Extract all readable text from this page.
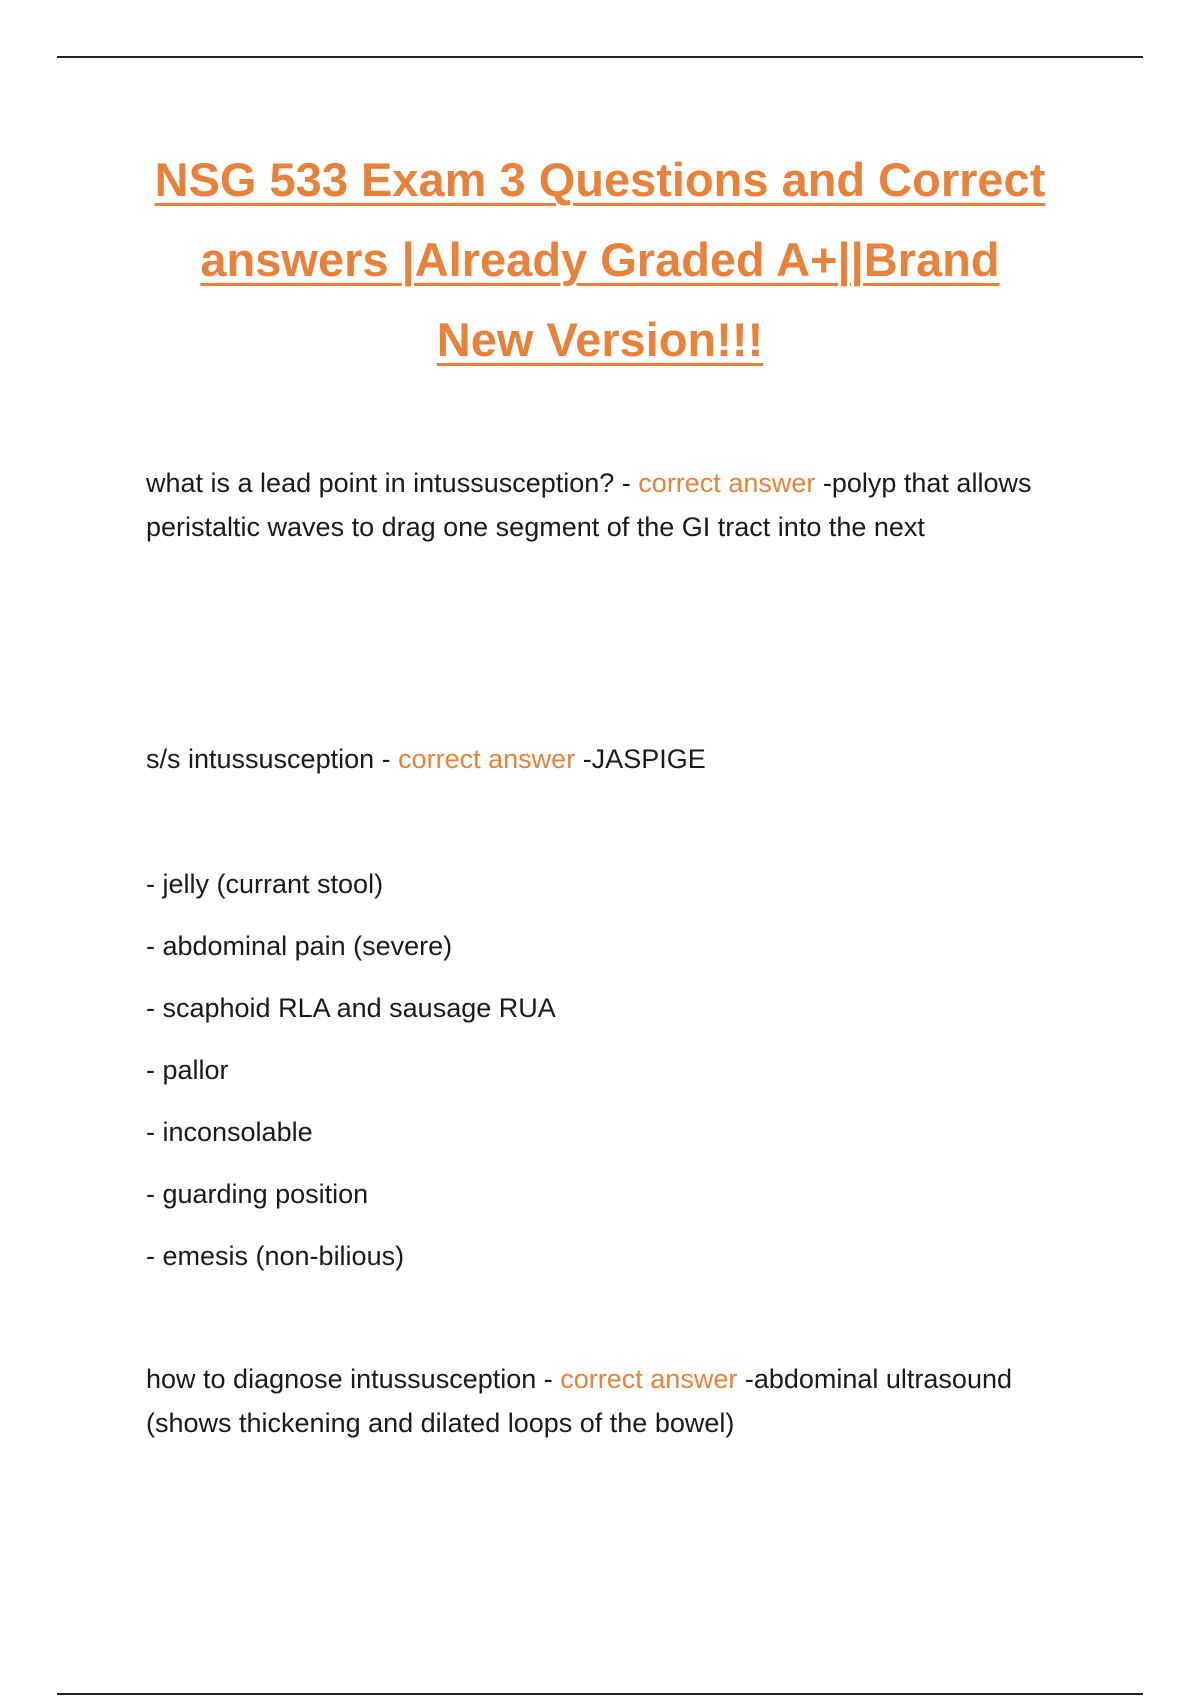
NSG 533 Exam 3 Questions and Correct
answers |Already Graded A+||Brand
New Version!!!

what is a lead point in intussusception? - correct answer -polyp that allows peristaltic waves to drag one segment of the GI tract into the next

s/s intussusception - correct answer -JASPIGE

- jelly (currant stool)
- abdominal pain (severe)
- scaphoid RLA and sausage RUA
- pallor
- inconsolable
- guarding position
- emesis (non-bilious)

how to diagnose intussusception - correct answer -abdominal ultrasound (shows thickening and dilated loops of the bowel)
